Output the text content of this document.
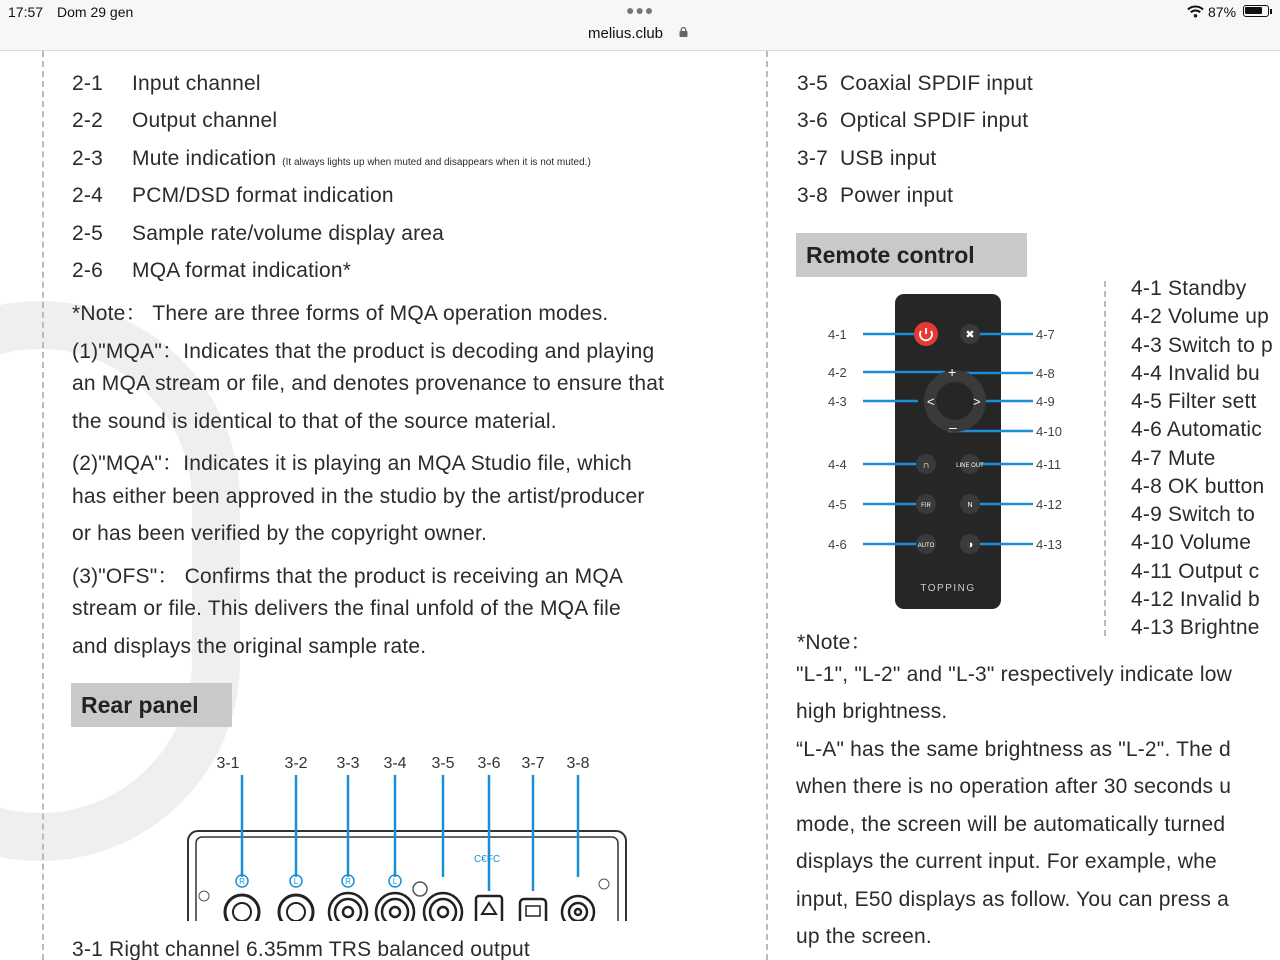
17:57 Dom 29 gen	●●●
melius.club
87%
2-1 Input channel
2-2 Output channel
2-3 Mute indication (It always lights up when muted and disappears when it is not muted.)
2-4 PCM/DSD format indication
2-5 Sample rate/volume display area
2-6 MQA format indication*
*Note： There are three forms of MQA operation modes.
(1)"MQA"：Indicates that the product is decoding and playing
an MQA stream or file, and denotes provenance to ensure that
the sound is identical to that of the source material.
(2)"MQA"：Indicates it is playing an MQA Studio file, which
has either been approved in the studio by the artist/producer
or has been verified by the copyright owner.
(3)"OFS"： Confirms that the product is receiving an MQA
stream or file. This delivers the final unfold of the MQA file
and displays the original sample rate.
Rear panel
3-1	3-2 3-3 3-4 3-5 3-6 3-7 3-8
R	L	R	L
C€FC
3-1 Right channel 6.35mm TRS balanced output
3-5 Coaxial SPDIF input
3-6 Optical SPDIF input
3-7 USB input
3-8 Power input
Remote control
4-1
4-2
4-3
4-4
4-5
4-6
4-7
4-8
4-9
4-10
4-11
4-12
4-13
✖
+
–
<	>
∩	LINE OUT
FIR	N
AUTO	◑
TOPPING
4-1 Standby
4-2 Volume up
4-3 Switch to p
4-4 Invalid bu
4-5 Filter sett
4-6 Automatic
4-7 Mute
4-8 OK button
4-9 Switch to
4-10 Volume
4-11 Output c
4-12 Invalid b
4-13 Brightne
*Note：
"L-1", "L-2" and "L-3" respectively indicate low
high brightness.
“L-A" has the same brightness as "L-2". The d
when there is no operation after 30 seconds u
mode, the screen will be automatically turned
displays the current input. For example, whe
input, E50 displays as follow. You can press a
up the screen.
